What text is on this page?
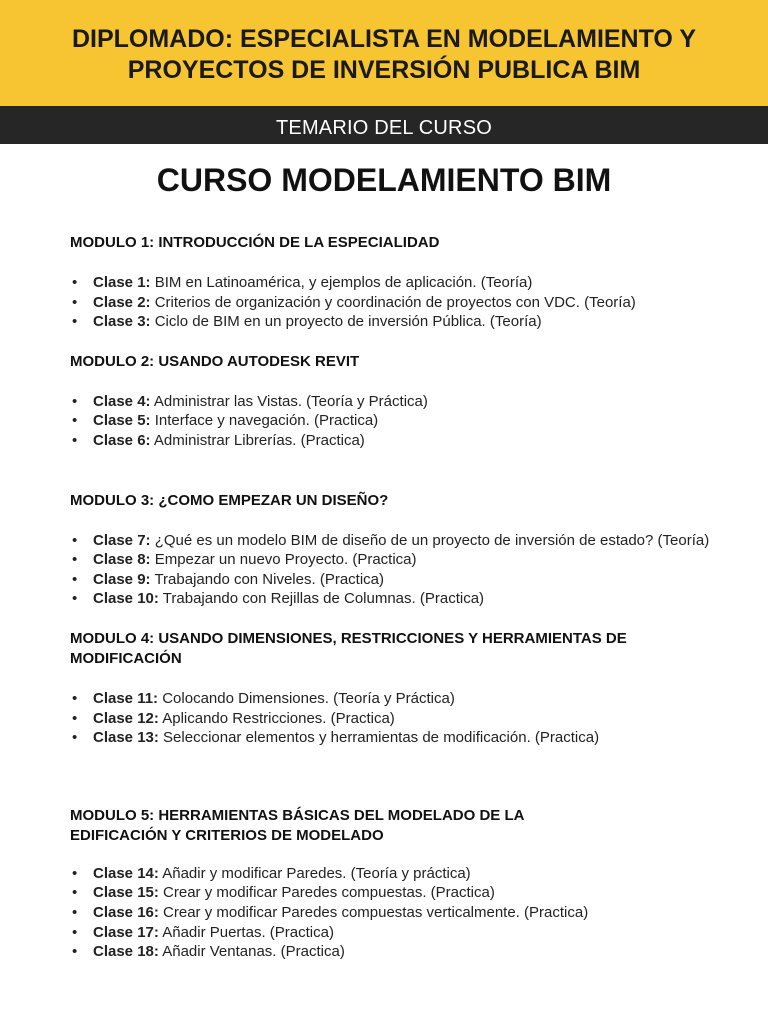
DIPLOMADO: ESPECIALISTA EN MODELAMIENTO Y
PROYECTOS DE INVERSIÓN PUBLICA BIM
TEMARIO DEL CURSO
CURSO MODELAMIENTO BIM
MODULO 1: INTRODUCCIÓN DE LA ESPECIALIDAD
• Clase 1: BIM en Latinoamérica, y ejemplos de aplicación. (Teoría)
• Clase 2: Criterios de organización y coordinación de proyectos con VDC. (Teoría)
• Clase 3: Ciclo de BIM en un proyecto de inversión Pública. (Teoría)
MODULO 2: USANDO AUTODESK REVIT
• Clase 4: Administrar las Vistas. (Teoría y Práctica)
• Clase 5: Interface y navegación. (Practica)
• Clase 6: Administrar Librerías. (Practica)
MODULO 3: ¿COMO EMPEZAR UN DISEÑO?
• Clase 7: ¿Qué es un modelo BIM de diseño de un proyecto de inversión de estado? (Teoría)
• Clase 8: Empezar un nuevo Proyecto. (Practica)
• Clase 9: Trabajando con Niveles. (Practica)
• Clase 10: Trabajando con Rejillas de Columnas. (Practica)
MODULO 4: USANDO DIMENSIONES, RESTRICCIONES Y HERRAMIENTAS DE MODIFICACIÓN
• Clase 11: Colocando Dimensiones. (Teoría y Práctica)
• Clase 12: Aplicando Restricciones. (Practica)
• Clase 13: Seleccionar elementos y herramientas de modificación. (Practica)
MODULO 5: HERRAMIENTAS BÁSICAS DEL MODELADO DE LA EDIFICACIÓN Y CRITERIOS DE MODELADO
• Clase 14: Añadir y modificar Paredes. (Teoría y práctica)
• Clase 15: Crear y modificar Paredes compuestas. (Practica)
• Clase 16: Crear y modificar Paredes compuestas verticalmente. (Practica)
• Clase 17: Añadir Puertas. (Practica)
• Clase 18: Añadir Ventanas. (Practica)
